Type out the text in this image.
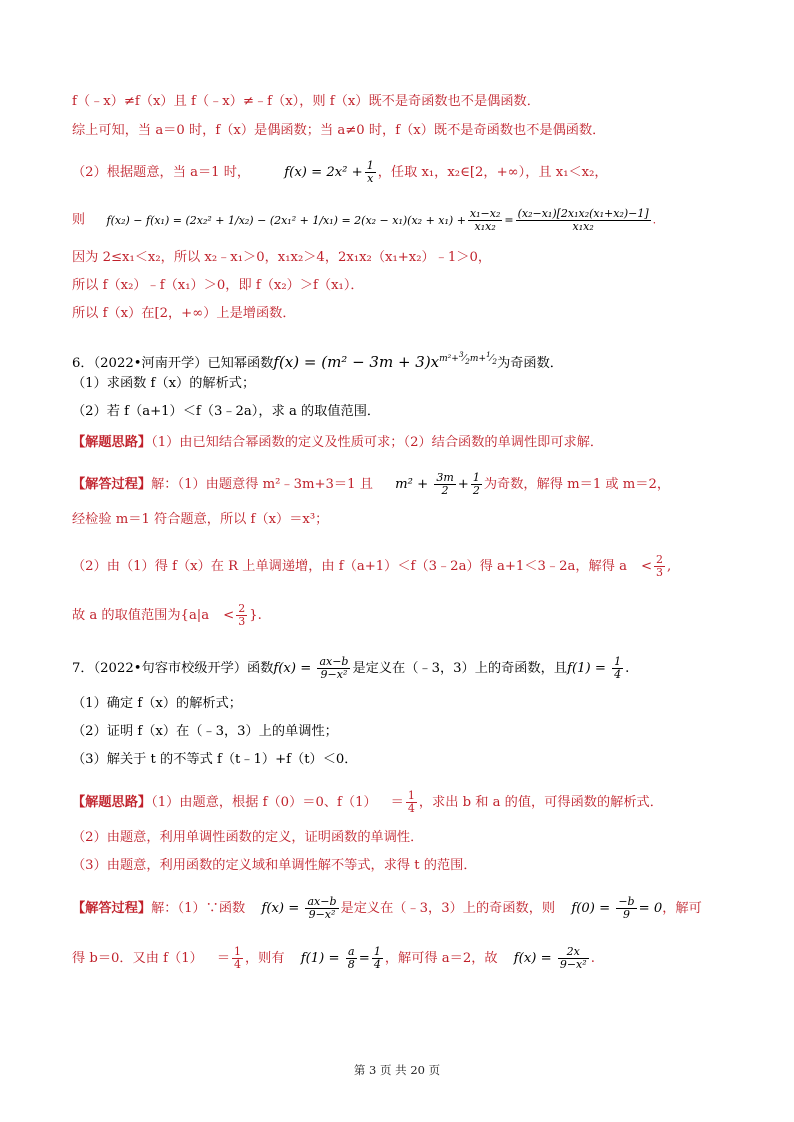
f（﹣x）≠f（x）且 f（﹣x）≠﹣f（x），则 f（x）既不是奇函数也不是偶函数．
综上可知，当 a＝0 时，f（x）是偶函数；当 a≠0 时，f（x）既不是奇函数也不是偶函数．
（2）根据题意，当 a＝1 时，	$f(x) = 2x^2 + \frac{1}{x}$ ，任取 x₁，x₂∈[2，+∞），且 x₁＜x₂，
则 $f(x_2) - f(x_1) = (2x_2^2 + 1/x_2) - (2x_1^2 + 1/x_1) = 2(x_2 - x_1)(x_2 + x_1) + \frac{\text{x₁−x₂}}{\text{x₁x₂}} = \frac{\text{(x₂−x₁)[2x₁x₂(x₁+x₂)−1]}}{\text{x₁x₂}}$ .
因为 2≤x₁＜x₂，所以 x₂﹣x₁＞0，x₁x₂＞4，2x₁x₂（x₁+x₂）﹣1＞0，
所以 f（x₂）﹣f（x₁）＞0，即 f（x₂）＞f（x₁）．
所以 f（x）在[2，+∞）上是增函数．
6．（2022•河南开学）已知幂函数$f(x) = (m^2 - 3m + 3)x^{m^2+^3⁄_2m+^1⁄_2}$为奇函数．
（1）求函数 f（x）的解析式；
（2）若 f（a+1）＜f（3﹣2a），求 a 的取值范围．
【解题思路】（1）由已知结合幂函数的定义及性质可求；（2）结合函数的单调性即可求解．
【解答过程】解：（1）由题意得 m²﹣3m+3＝1 且 $m^2 + \frac{3m}{2} + \frac{1}{2}$ 为奇数，解得 m＝1 或 m＝2，
经检验 m＝1 符合题意，所以 f（x）＝x³；
（2）由（1）得 f（x）在 R 上单调递增，由 f（a+1）＜f（3﹣2a）得 a+1＜3﹣2a，解得 $a < \frac{2}{3}$ ,
故 a 的取值范围为{$a|a < \frac{2}{3}$ }.
7．（2022•句容市校级开学）函数$f(x) = \frac{ax-b}{\text{9−x²}}$ 是定义在（﹣3，3）上的奇函数，且$f(1) = \frac{1}{4}$ .
（1）确定 f（x）的解析式；
（2）证明 f（x）在（﹣3，3）上的单调性；
（3）解关于 t 的不等式 f（t﹣1）+f（t）＜0．
【解题思路】（1）由题意，根据 f（0）＝0、$f(1) = \frac{1}{4}$ ，求出 b 和 a 的值，可得函数的解析式．
（2）由题意，利用单调性函数的定义，证明函数的单调性．
（3）由题意，利用函数的定义域和单调性解不等式，求得 t 的范围．
【解答过程】解：（1）∵函数 $f(x) = \frac{ax-b}{\text{9−x²}}$ 是定义在（﹣3，3）上的奇函数，则 $f(0) = \frac{-b}{9} = 0$，解可
得 b＝0．又由 $f(1) = \frac{1}{4}$ ，则有 $f(1) = \frac{a}{8} = \frac{1}{4}$ ，解可得 a＝2，故 $f(x) = \frac{2x}{\text{9−x²}}$ .
第 3 页 共 20 页
